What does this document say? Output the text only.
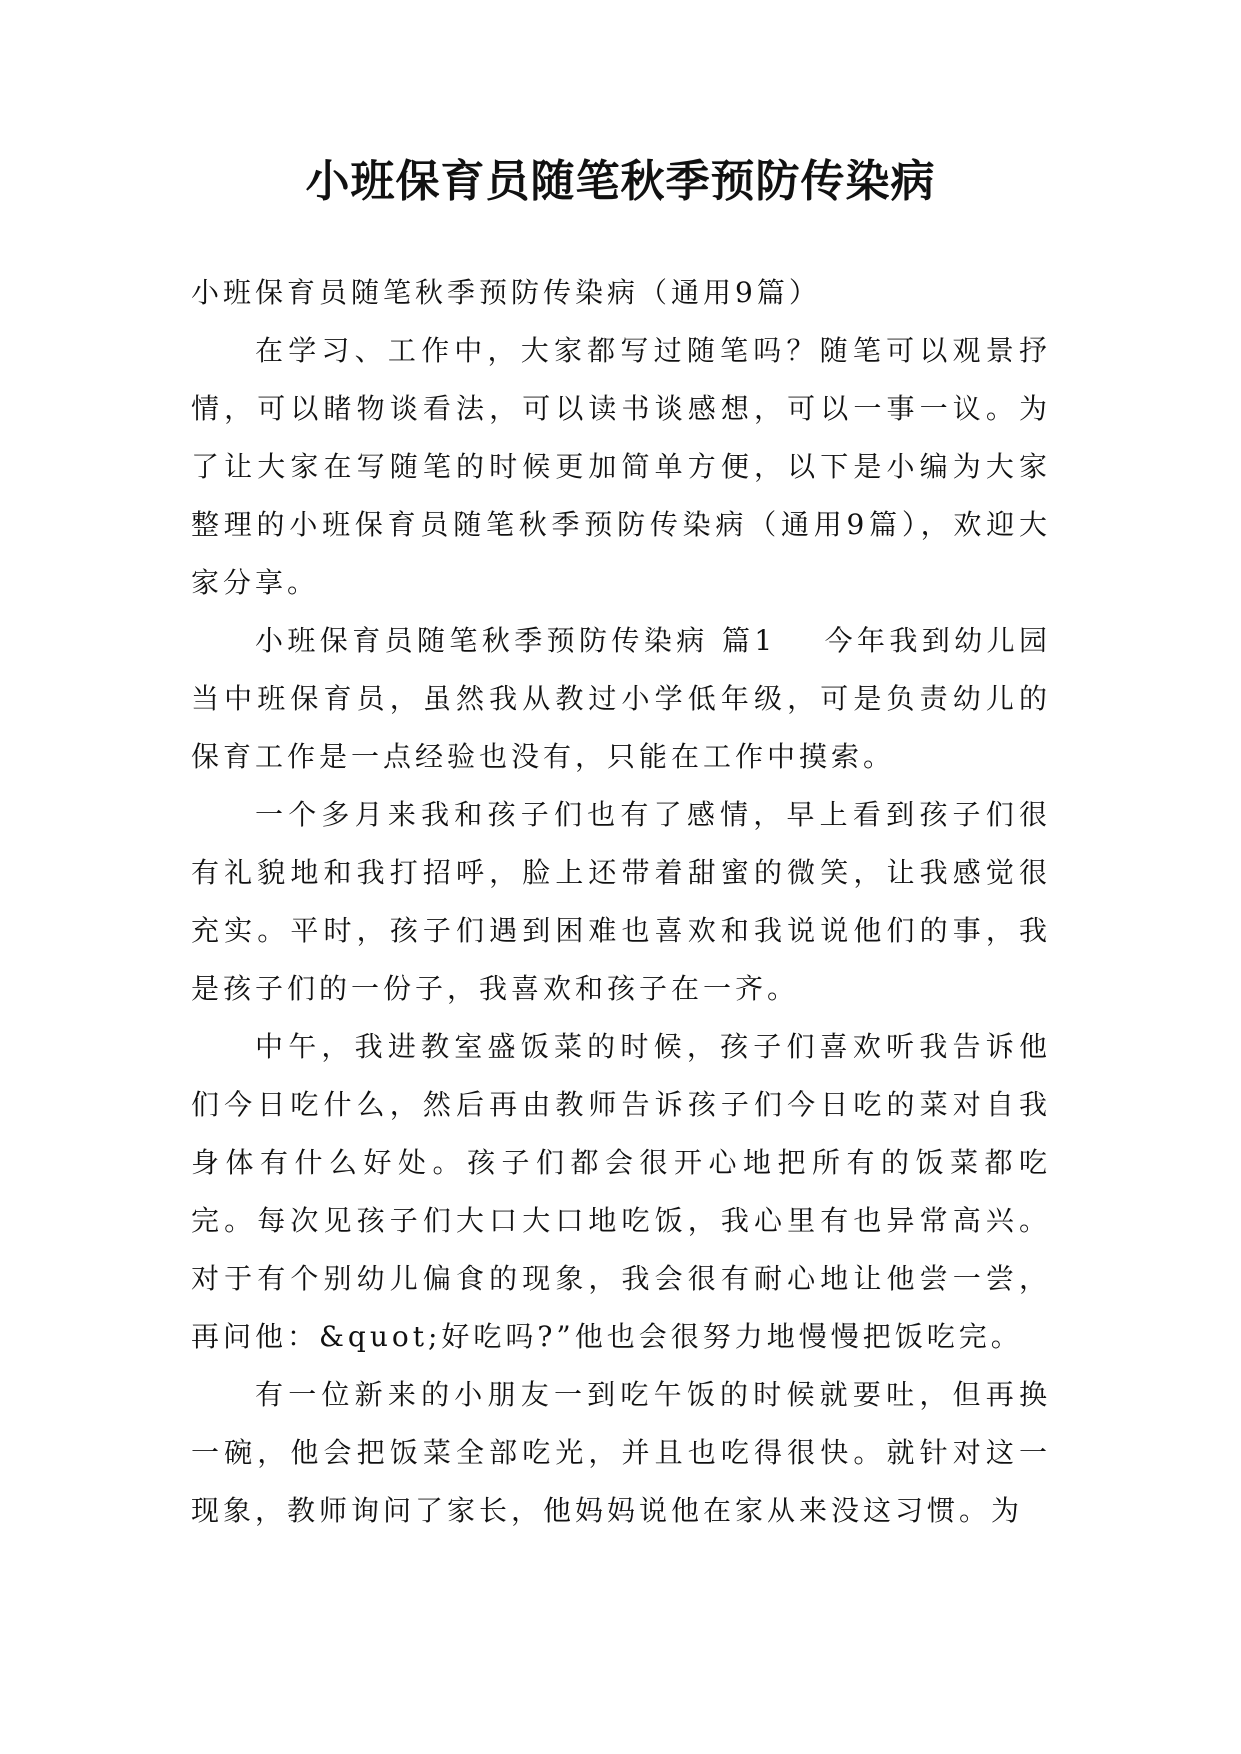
小班保育员随笔秋季预防传染病

小班保育员随笔秋季预防传染病（通用9篇）

在学习、工作中，大家都写过随笔吗？随笔可以观景抒情，可以睹物谈看法，可以读书谈感想，可以一事一议。为了让大家在写随笔的时候更加简单方便，以下是小编为大家整理的小班保育员随笔秋季预防传染病（通用9篇），欢迎大家分享。

小班保育员随笔秋季预防传染病 篇1 今年我到幼儿园当中班保育员，虽然我从教过小学低年级，可是负责幼儿的保育工作是一点经验也没有，只能在工作中摸索。

一个多月来我和孩子们也有了感情，早上看到孩子们很有礼貌地和我打招呼，脸上还带着甜蜜的微笑，让我感觉很充实。平时，孩子们遇到困难也喜欢和我说说他们的事，我是孩子们的一份子，我喜欢和孩子在一齐。

中午，我进教室盛饭菜的时候，孩子们喜欢听我告诉他们今日吃什么，然后再由教师告诉孩子们今日吃的菜对自我身体有什么好处。孩子们都会很开心地把所有的饭菜都吃完。每次见孩子们大口大口地吃饭，我心里有也异常高兴。对于有个别幼儿偏食的现象，我会很有耐心地让他尝一尝，再问他：&quot;好吃吗?”他也会很努力地慢慢把饭吃完。

有一位新来的小朋友一到吃午饭的时候就要吐，但再换一碗，他会把饭菜全部吃光，并且也吃得很快。就针对这一现象，教师询问了家长，他妈妈说他在家从来没这习惯。为
